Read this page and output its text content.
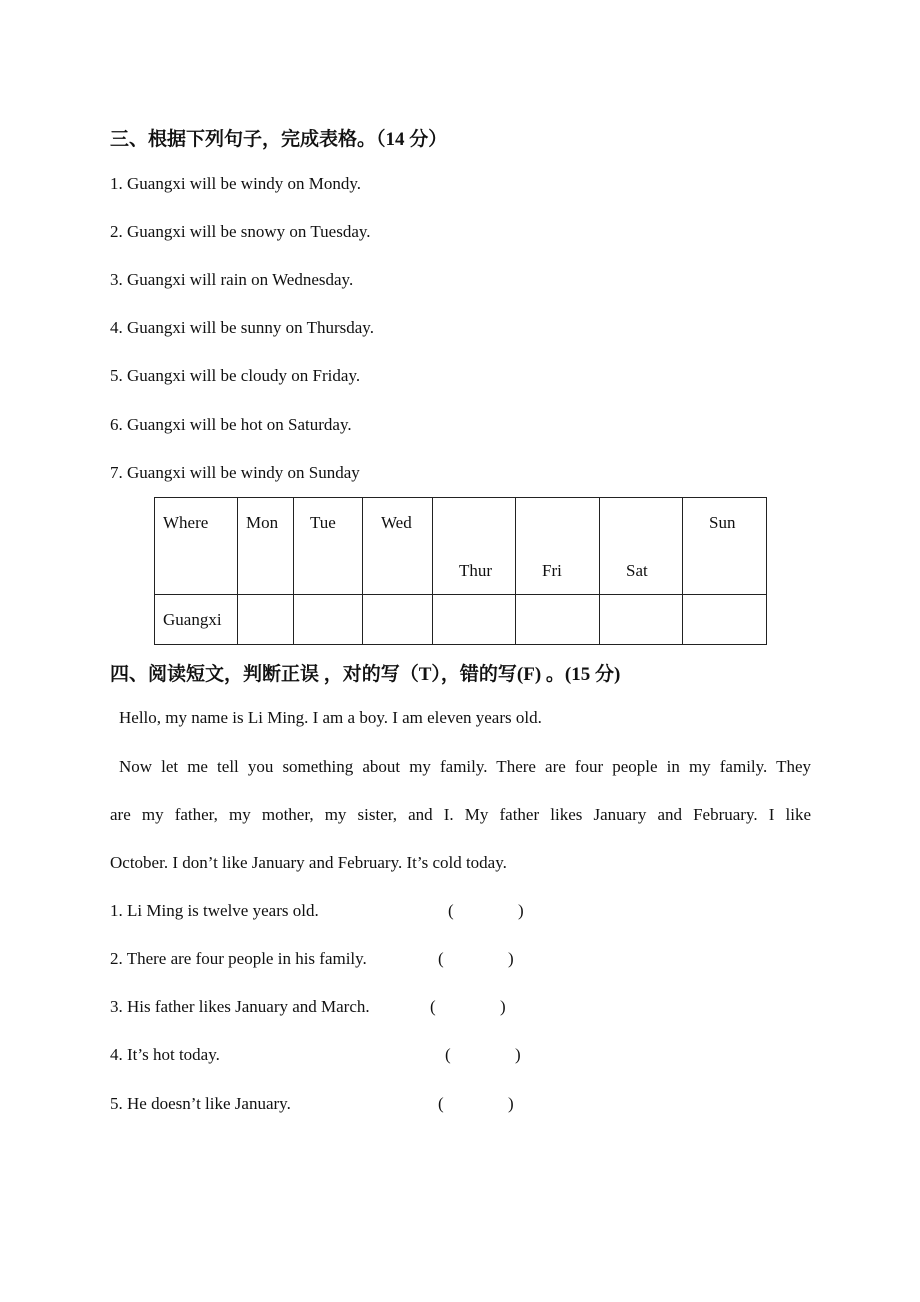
三、根据下列句子，完成表格。（14 分）
1. Guangxi will be windy on Mondy.
2. Guangxi will be snowy on Tuesday.
3. Guangxi will rain on Wednesday.
4. Guangxi will be sunny on Thursday.
5. Guangxi will be cloudy on Friday.
6. Guangxi will be hot on Saturday.
7. Guangxi will be windy on Sunday
Where	Mon	Tue	Wed	Thur	Fri	Sat	Sun

Guangxi							

四、阅读短文，判断正误 ，对的写（T），错的写(F) 。(15 分)
Hello, my name is Li Ming. I am a boy. I am eleven years old.
Now let me tell you something about my family. There are four people in my family. They
are my father, my mother, my sister, and I. My father likes January and February. I like
October. I don’t like January and February. It’s cold today.
1. Li Ming is twelve years old.	(	)
2. There are four people in his family.	(	)
3. His father likes January and March.	(	)
4. It’s hot today.	(	)
5. He doesn’t like January.	(	)
